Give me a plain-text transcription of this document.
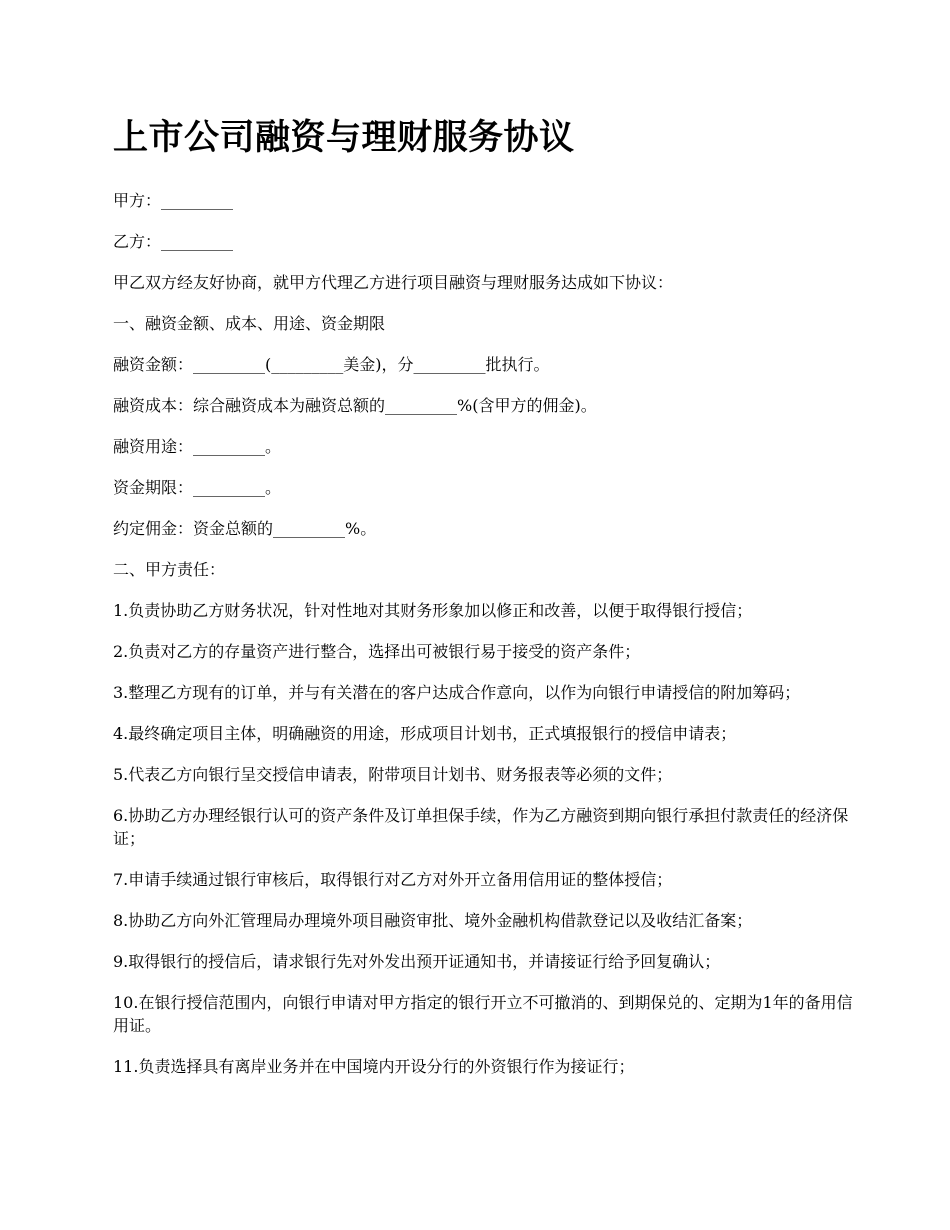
上市公司融资与理财服务协议

甲方：_________

乙方：_________

甲乙双方经友好协商，就甲方代理乙方进行项目融资与理财服务达成如下协议：

一、融资金额、成本、用途、资金期限

融资金额：_________(_________美金)，分_________批执行。

融资成本：综合融资成本为融资总额的_________%(含甲方的佣金)。

融资用途：_________。

资金期限：_________。

约定佣金：资金总额的_________%。

二、甲方责任：

1.负责协助乙方财务状况，针对性地对其财务形象加以修正和改善，以便于取得银行授信；

2.负责对乙方的存量资产进行整合，选择出可被银行易于接受的资产条件；

3.整理乙方现有的订单，并与有关潜在的客户达成合作意向，以作为向银行申请授信的附加筹码；

4.最终确定项目主体，明确融资的用途，形成项目计划书，正式填报银行的授信申请表；

5.代表乙方向银行呈交授信申请表，附带项目计划书、财务报表等必须的文件；

6.协助乙方办理经银行认可的资产条件及订单担保手续，作为乙方融资到期向银行承担付款责任的经济保证；

7.申请手续通过银行审核后，取得银行对乙方对外开立备用信用证的整体授信；

8.协助乙方向外汇管理局办理境外项目融资审批、境外金融机构借款登记以及收结汇备案；

9.取得银行的授信后，请求银行先对外发出预开证通知书，并请接证行给予回复确认；

10.在银行授信范围内，向银行申请对甲方指定的银行开立不可撤消的、到期保兑的、定期为1年的备用信用证。

11.负责选择具有离岸业务并在中国境内开设分行的外资银行作为接证行；
